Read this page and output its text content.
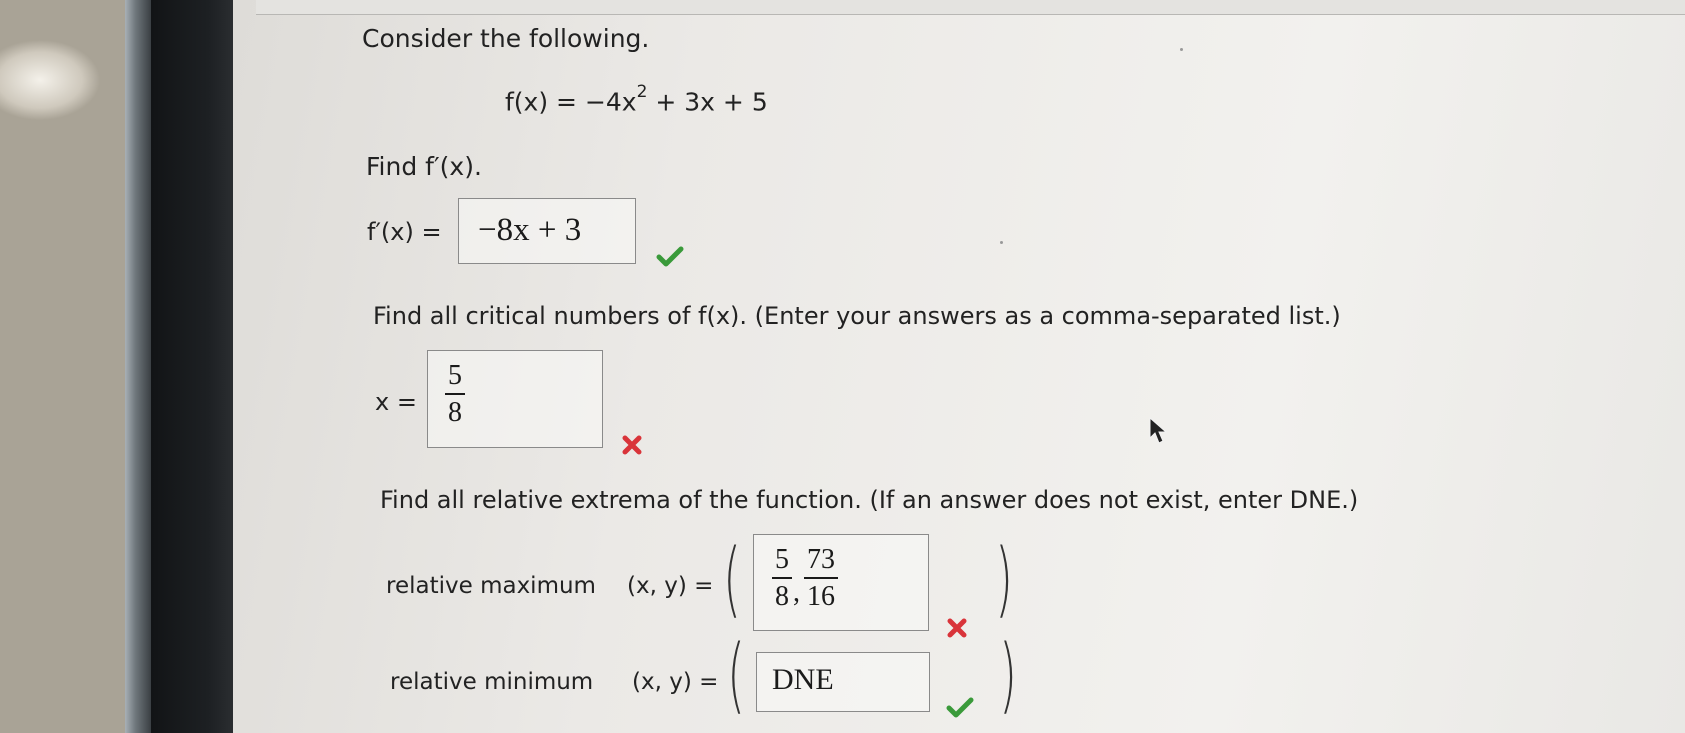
Consider the following.
$f(x) = -4x^2 + 3x + 5$
Find f′(x).
f′(x) = −8x + 3
Find all critical numbers of f(x). (Enter your answers as a comma-separated list.)
$x = \frac{5}{8}$
Find all relative extrema of the function. (If an answer does not exist, enter DNE.)
relative maximum (x, y) = ( $\frac{5}{8}$ , $\frac{73}{16}$ )
relative minimum (x, y) = ( DNE )
